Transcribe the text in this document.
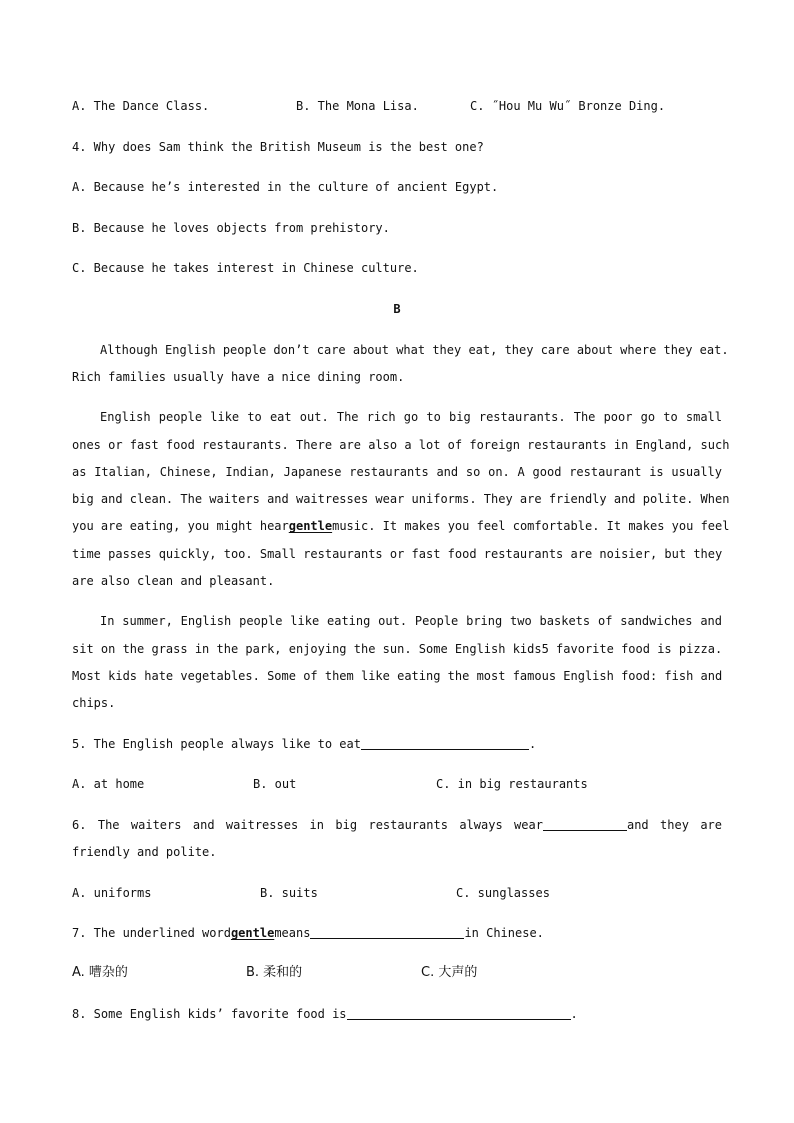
A. The Dance Class.	B. The Mona Lisa.	C. ˝Hou Mu Wu˝ Bronze Ding.
4. Why does Sam think the British Museum is the best one?
A. Because he’s interested in the culture of ancient Egypt.
B. Because he loves objects from prehistory.
C. Because he takes interest in Chinese culture.
B
Although English people don’t care about what they eat, they care about where they eat.
Rich families usually have a nice dining room.
English people like to eat out. The rich go to big restaurants. The poor go to small
ones or fast food restaurants. There are also a lot of foreign restaurants in England, such
as Italian, Chinese, Indian, Japanese restaurants and so on. A good restaurant is usually
big and clean. The waiters and waitresses wear uniforms. They are friendly and polite. When
you are eating, you might heargentlemusic. It makes you feel comfortable. It makes you feel
time passes quickly, too. Small restaurants or fast food restaurants are noisier, but they
are also clean and pleasant.
In summer, English people like eating out. People bring two baskets of sandwiches and
sit on the grass in the park, enjoying the sun. Some English kids5 favorite food is pizza.
Most kids hate vegetables. Some of them like eating the most famous English food: fish and
chips.
5. The English people always like to eat	.
A. at home	B. out	C. in big restaurants
6. The waiters and waitresses in big restaurants always wear	and they are
friendly and polite.
A. uniforms	B. suits	C. sunglasses
7. The underlined wordgentlemeans	in Chinese.
A. 嘈杂的	B. 柔和的	C. 大声的
8. Some English kids’ favorite food is	.
